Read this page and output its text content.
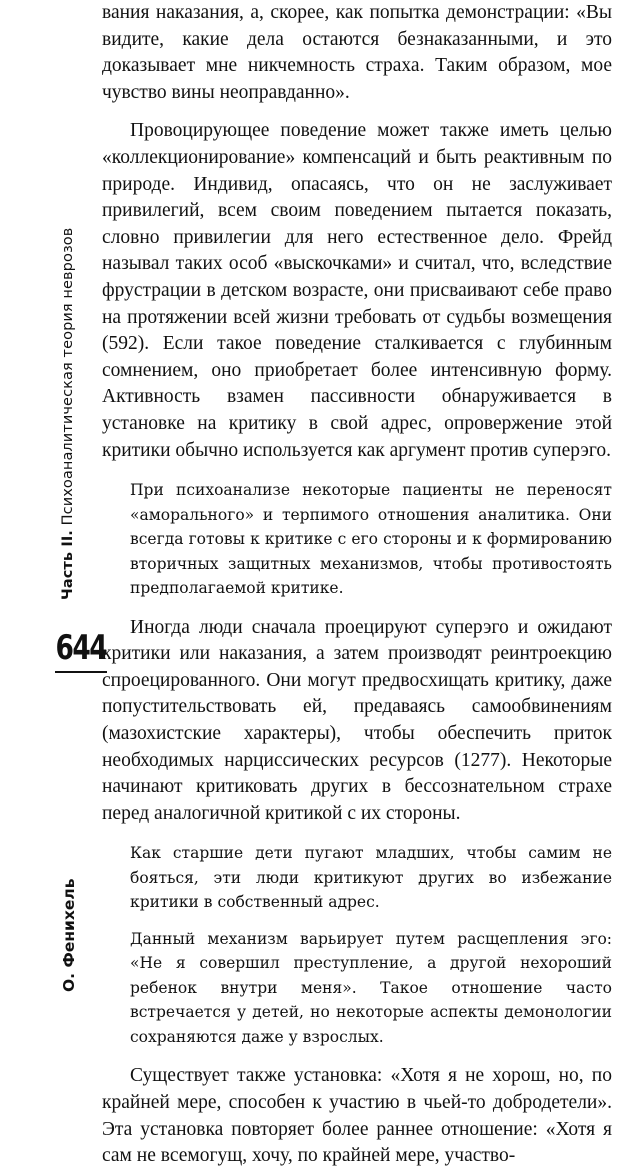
Часть II. Психоаналитическая теория неврозов
644
О. Фенихель

вания наказания, а, скорее, как попытка демонстрации: «Вы видите, какие дела остаются безнаказанными, и это доказывает мне никчемность страха. Таким образом, мое чувство вины неоправданно».

Провоцирующее поведение может также иметь целью «коллекционирование» компенсаций и быть реактивным по природе. Индивид, опасаясь, что он не заслуживает привилегий, всем своим поведением пытается показать, словно привилегии для него естественное дело. Фрейд называл таких особ «выскочками» и считал, что, вследствие фрустрации в детском возрасте, они присваивают себе право на протяжении всей жизни требовать от судьбы возмещения (592). Если такое поведение сталкивается с глубинным сомнением, оно приобретает более интенсивную форму. Активность взамен пассивности обнаруживается в установке на критику в свой адрес, опровержение этой критики обычно используется как аргумент против суперэго.

При психоанализе некоторые пациенты не переносят «аморального» и терпимого отношения аналитика. Они всегда готовы к критике с его стороны и к формированию вторичных защитных механизмов, чтобы противостоять предполагаемой критике.

Иногда люди сначала проецируют суперэго и ожидают критики или наказания, а затем производят реинтроекцию спроецированного. Они могут предвосхищать критику, даже попустительствовать ей, предаваясь самообвинениям (мазохистские характеры), чтобы обеспечить приток необходимых нарциссических ресурсов (1277). Некоторые начинают критиковать других в бессознательном страхе перед аналогичной критикой с их стороны.

Как старшие дети пугают младших, чтобы самим не бояться, эти люди критикуют других во избежание критики в собственный адрес.

Данный механизм варьирует путем расщепления эго: «Не я совершил преступление, а другой нехороший ребенок внутри меня». Такое отношение часто встречается у детей, но некоторые аспекты демонологии сохраняются даже у взрослых.

Существует также установка: «Хотя я не хорош, но, по крайней мере, способен к участию в чьей-то добродетели». Эта установка повторяет более раннее отношение: «Хотя я сам не всемогущ, хочу, по крайней мере, участво-
